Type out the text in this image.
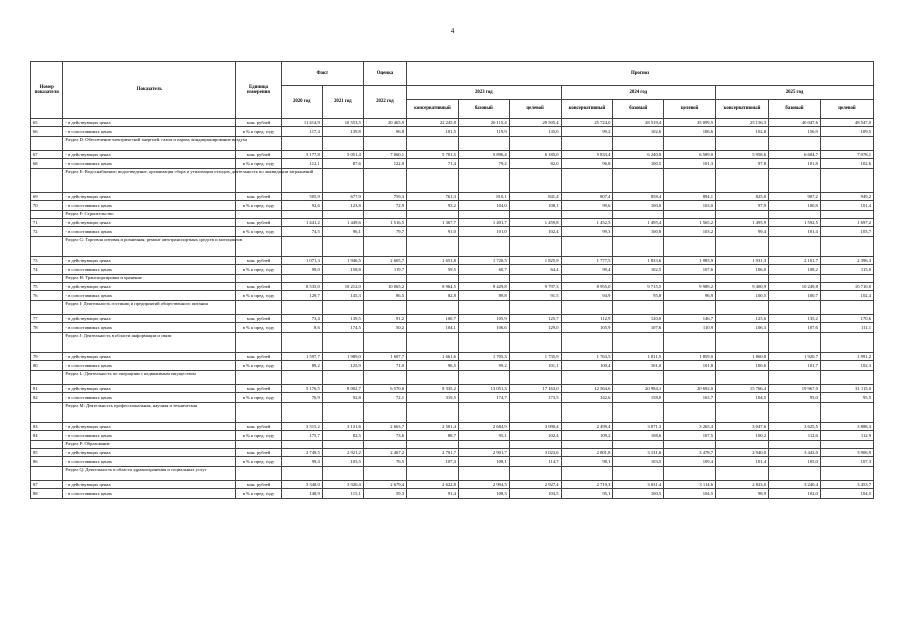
4
Номер показателя	Показатель	Единица измерения	Факт		Оценка	Прогноз								
			2020 год	2021 год	2022 год	2023 год			2024 год			2025 год		
						консервативный	базовый	целевой	консервативный	базовый	целевой	консервативный	базовый	целевой
65	- в действующих ценах	млн. рублей	11 414,9	10 553,5	20 465,9	22 245,8	26 115,4	29 505,4	25 724,0	28 519,4	35 099,5	25 156,3	40 047,6	48 547,0
66	- в сопоставимых ценах	в % к пред. году	117,4	139,8	96,8	101,5	119,9	135,0	99,2	102,6	106,6	102,8	156,9	109,5
	Раздел D: Обеспечение электрической энергией, газом и паром; кондиционирование воздуха													
67	- в действующих ценах	млн. рублей	5 177,8	5 051,4	7 060,1	5 701,5	5 896,4	6 185,0	5 833,4	6 240,0	6 589,0	5 958,6	6 604,7	7 078,1
68	- в сопоставимых ценах	в % к пред. году	112,1	87,6	122,0	71,4	79,2	82,0	96,8	100,5	101,3	97,8	101,8	102,6
	Раздел E: Водоснабжение; водоотведение, организация сбора и утилизации отходов, деятельность по ликвидации загрязнений													
69	- в действующих ценах	млн. рублей	505,9	677,9	759,3	761,3	810,1	841,4	807,4	858,4	894,1	825,0	907,2	949,2
70	- в сопоставимых ценах	в % к пред. году	92,6	123,8	72,9	93,2	104,0	108,1	99,6	100,0	103,0	97,9	100,8	101,4
	Раздел F: Строительство													
71	- в действующих ценах	млн. рублей	1 441,2	1 449,6	1 516,5	1 367,7	1 401,7	1 459,8	1 452,5	1 495,4	1 565,2	1 495,9	1 592,5	1 697,2
72	- в сопоставимых ценах	в % к пред. году	74,5	96,1	79,7	91,0	101,0	102,4	99,3	100,8	103,2	99,4	101,4	103,7
	Раздел G: Торговля оптовая и розничная; ремонт автотранспортных средств и мотоциклов													
73	- в действующих ценах	млн. рублей	1 071,3	1 946,5	2 605,7	1 651,8	1 720,5	1 825,9	1 777,5	1 833,6	1 985,9	1 931,3	2 101,7	2 396,3
74	- в сопоставимых ценах	в % к пред. году	99,0	158,8	119,7	59,5	60,7	64,4	99,4	102,5	107,6	106,0	108,2	115,0
	Раздел H: Транспортировка и хранение													
75	- в действующих ценах	млн. рублей	8 535,0	10 212,0	10 065,2	8 964,5	9 429,8	9 797,3	8 955,0	9 715,5	9 989,2	9 400,9	10 249,8	10 710,0
76	- в сопоставимых ценах	в % к пред. году	129,7	145,3	86,5	82,8	89,8	91,5	94,9	95,8	96,9	100,5	100,7	102,4
	Раздел I: Деятельность гостиниц и предприятий общественного питания													
77	- в действующих ценах	млн. рублей	73,4	139,5	91,2	100,7	105,9	125,7	112,9	120,0	146,7	125,6	135,2	170,6
78	- в сопоставимых ценах	в % к пред. году	8,6	174,5	50,2	104,1	106,6	129,0	105,9	107,6	110,9	106,3	107,6	111,1
	Раздел J: Деятельность в области информации и связи													
79	- в действующих ценах	млн. рублей	1 597,7	1 989,0	1 607,7	1 661,6	1 705,3	1 735,9	1 763,5	1 811,5	1 859,0	1 860,8	1 920,7	1 991,2
80	- в сопоставимых ценах	в % к пред. году	89,2	125,9	71,0	96,5	99,2	101,1	100,4	101,0	101,8	100,6	101,7	102,3
	Раздел L: Деятельность по операциям с недвижимым имуществом													
81	- в действующих ценах	млн. рублей	5 176,5	8 002,7	6 570,0	8 335,2	13 051,3	17 163,0	12 564,6	20 984,1	20 692,0	15 766,4	19 967,0	31 115,0
82	- в сопоставимых ценах	в % к пред. году	76,9	92,8	72,1	319,5	174,7	173,5	142,6	158,0	163,7	104,5	95,0	95,5
	Раздел M: Деятельность профессиональная, научная и техническая													
83	- в действующих ценах	млн. рублей	3 315,2	3 131,6	2 663,7	2 501,4	2 684,9	3 090,4	2 499,4	3 071,3	3 265,4	3 047,6	3 625,5	3 888,3
84	- в сопоставимых ценах	в % к пред. году	175,7	82,5	73,6	88,7	95,1	102,4	109,2	108,6	107,5	100,2	112,6	112,9
	Раздел P: Образование													
85	- в действующих ценах	млн. рублей	2 749,5	2 921,2	2 467,2	2 701,7	2 901,7	3 023,6	2 801,8	3 131,6	3 478,7	2 940,0	3 443,0	3 906,9
86	- в сопоставимых ценах	в % к пред. году	99,4	103,5	76,5	107,3	108,1	114,7	98,1	103,5	109,4	101,4	105,0	107,3
	Раздел Q: Деятельность в области здравоохранения и социальных услуг													
87	- в действующих ценах	млн. рублей	3 348,0	3 926,4	2 679,4	2 622,8	2 994,5	2 927,4	2 719,3	3 031,4	3 114,6	2 823,0	3 240,4	3 453,7
88	- в сопоставимых ценах	в % к пред. году	148,9	115,1	59,3	91,4	108,3	103,5	95,1	100,5	104,5	98,9	102,0	104,5
